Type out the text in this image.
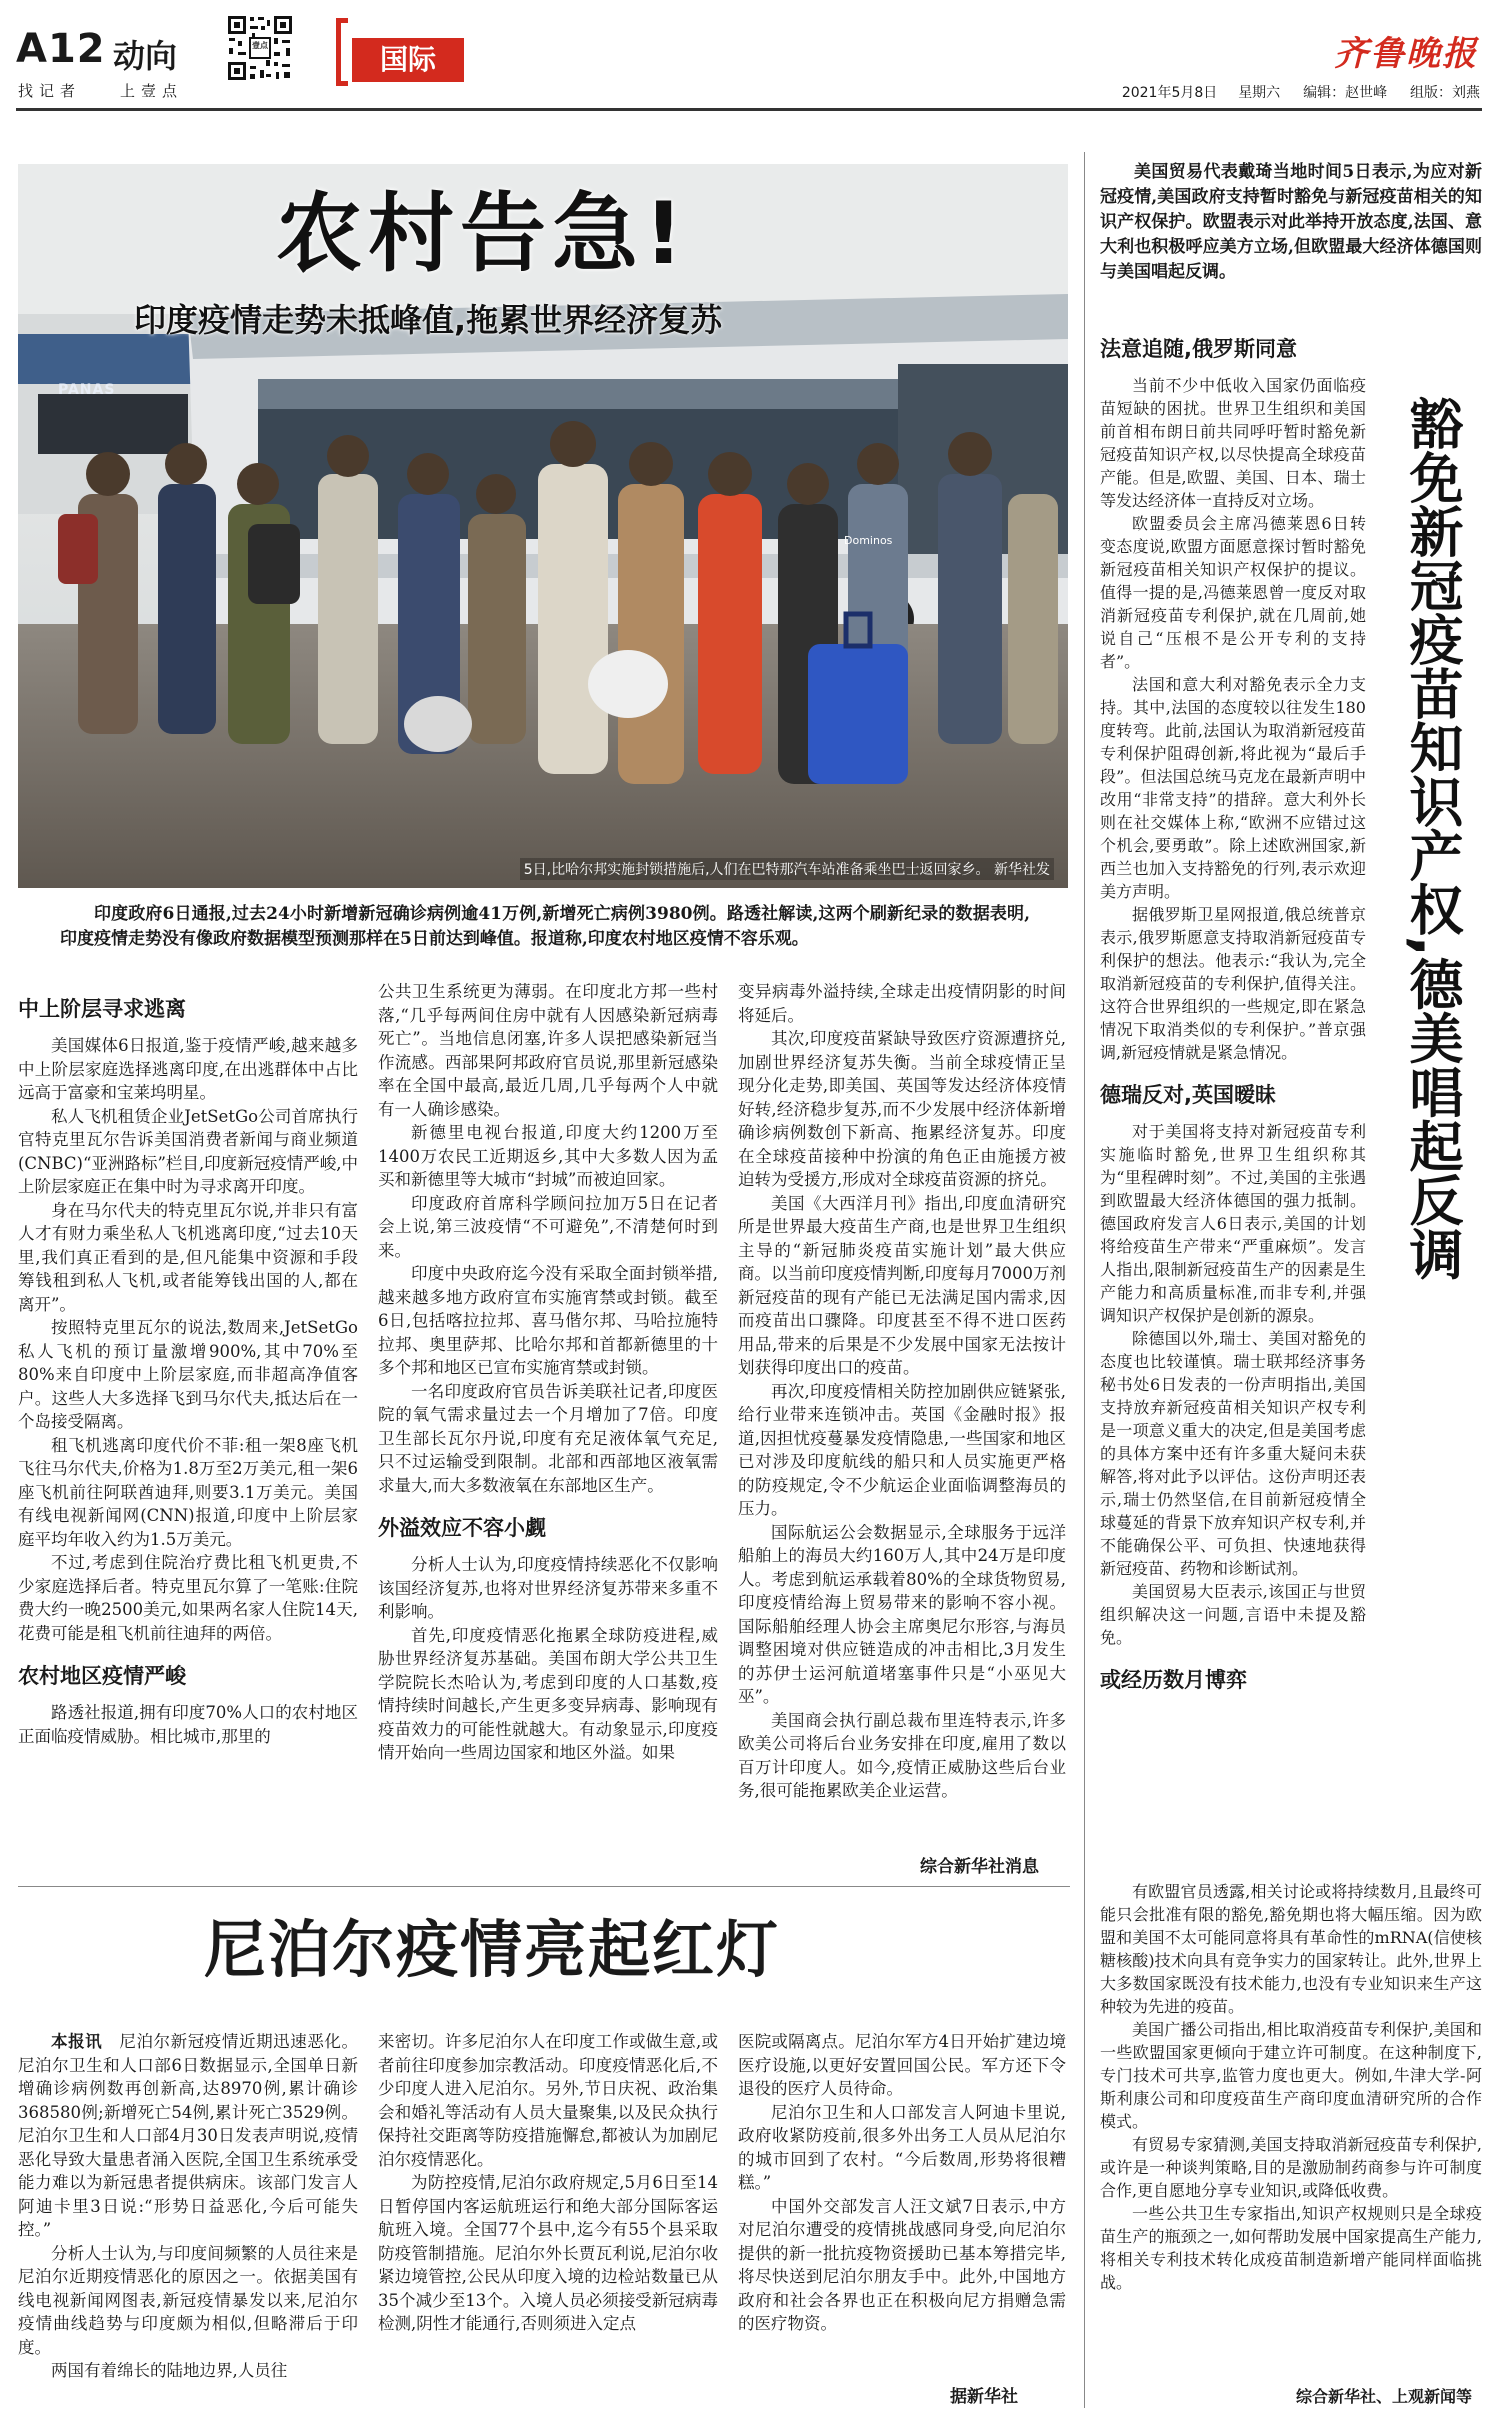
A12 动向
找记者	上壹点
壹点	国际	齐鲁晚报
2021年5月8日 星期六 编辑：赵世峰 组版：刘燕
PANAS
Dominos
农村告急!
印度疫情走势未抵峰值,拖累世界经济复苏
5日,比哈尔邦实施封锁措施后,人们在巴特那汽车站准备乘坐巴士返回家乡。 新华社发
印度政府6日通报,过去24小时新增新冠确诊病例逾41万例,新增死亡病例3980例。路透社解读,这两个刷新纪录的数据表明,印度疫情走势没有像政府数据模型预测那样在5日前达到峰值。报道称,印度农村地区疫情不容乐观。
中上阶层寻求逃离

美国媒体6日报道,鉴于疫情严峻,越来越多中上阶层家庭选择逃离印度,在出逃群体中占比远高于富豪和宝莱坞明星。

私人飞机租赁企业JetSetGo公司首席执行官特克里瓦尔告诉美国消费者新闻与商业频道(CNBC)“亚洲路标”栏目,印度新冠疫情严峻,中上阶层家庭正在集中时为寻求离开印度。

身在马尔代夫的特克里瓦尔说,并非只有富人才有财力乘坐私人飞机逃离印度,“过去10天里,我们真正看到的是,但凡能集中资源和手段筹钱租到私人飞机,或者能筹钱出国的人,都在离开”。

按照特克里瓦尔的说法,数周来,JetSetGo私人飞机的预订量激增900%,其中70%至80%来自印度中上阶层家庭,而非超高净值客户。这些人大多选择飞到马尔代夫,抵达后在一个岛接受隔离。

租飞机逃离印度代价不菲:租一架8座飞机飞往马尔代夫,价格为1.8万至2万美元,租一架6座飞机前往阿联酋迪拜,则要3.1万美元。美国有线电视新闻网(CNN)报道,印度中上阶层家庭平均年收入约为1.5万美元。

不过,考虑到住院治疗费比租飞机更贵,不少家庭选择后者。特克里瓦尔算了一笔账:住院费大约一晚2500美元,如果两名家人住院14天,花费可能是租飞机前往迪拜的两倍。

农村地区疫情严峻

路透社报道,拥有印度70%人口的农村地区正面临疫情威胁。相比城市,那里的

公共卫生系统更为薄弱。在印度北方邦一些村落,“几乎每两间住房中就有人因感染新冠病毒死亡”。当地信息闭塞,许多人误把感染新冠当作流感。西部果阿邦政府官员说,那里新冠感染率在全国中最高,最近几周,几乎每两个人中就有一人确诊感染。

新德里电视台报道,印度大约1200万至1400万农民工近期返乡,其中大多数人因为孟买和新德里等大城市“封城”而被迫回家。

印度政府首席科学顾问拉加万5日在记者会上说,第三波疫情“不可避免”,不清楚何时到来。

印度中央政府迄今没有采取全面封锁举措,越来越多地方政府宣布实施宵禁或封锁。截至6日,包括喀拉拉邦、喜马偕尔邦、马哈拉施特拉邦、奥里萨邦、比哈尔邦和首都新德里的十多个邦和地区已宣布实施宵禁或封锁。

一名印度政府官员告诉美联社记者,印度医院的氧气需求量过去一个月增加了7倍。印度卫生部长瓦尔丹说,印度有充足液体氧气充足,只不过运输受到限制。北部和西部地区液氧需求量大,而大多数液氧在东部地区生产。

外溢效应不容小觑

分析人士认为,印度疫情持续恶化不仅影响该国经济复苏,也将对世界经济复苏带来多重不利影响。

首先,印度疫情恶化拖累全球防疫进程,威胁世界经济复苏基础。美国布朗大学公共卫生学院院长杰哈认为,考虑到印度的人口基数,疫情持续时间越长,产生更多变异病毒、影响现有疫苗效力的可能性就越大。有动象显示,印度疫情开始向一些周边国家和地区外溢。如果

变异病毒外溢持续,全球走出疫情阴影的时间将延后。

其次,印度疫苗紧缺导致医疗资源遭挤兑,加剧世界经济复苏失衡。当前全球疫情正呈现分化走势,即美国、英国等发达经济体疫情好转,经济稳步复苏,而不少发展中经济体新增确诊病例数创下新高、拖累经济复苏。印度在全球疫苗接种中扮演的角色正由施援方被迫转为受援方,形成对全球疫苗资源的挤兑。

美国《大西洋月刊》指出,印度血清研究所是世界最大疫苗生产商,也是世界卫生组织主导的“新冠肺炎疫苗实施计划”最大供应商。以当前印度疫情判断,印度每月7000万剂新冠疫苗的现有产能已无法满足国内需求,因而疫苗出口骤降。印度甚至不得不进口医药用品,带来的后果是不少发展中国家无法按计划获得印度出口的疫苗。

再次,印度疫情相关防控加剧供应链紧张,给行业带来连锁冲击。英国《金融时报》报道,因担忧疫蔓暴发疫情隐患,一些国家和地区已对涉及印度航线的船只和人员实施更严格的防疫规定,令不少航运企业面临调整海员的压力。

国际航运公会数据显示,全球服务于远洋船舶上的海员大约160万人,其中24万是印度人。考虑到航运承载着80%的全球货物贸易,印度疫情给海上贸易带来的影响不容小视。国际船舶经理人协会主席奥尼尔形容,与海员调整困境对供应链造成的冲击相比,3月发生的苏伊士运河航道堵塞事件只是“小巫见大巫”。

美国商会执行副总裁布里连特表示,许多欧美公司将后台业务安排在印度,雇用了数以百万计印度人。如今,疫情正威胁这些后台业务,很可能拖累欧美企业运营。

综合新华社消息
美国贸易代表戴琦当地时间5日表示,为应对新冠疫情,美国政府支持暂时豁免与新冠疫苗相关的知识产权保护。欧盟表示对此举持开放态度,法国、意大利也积极呼应美方立场,但欧盟最大经济体德国则与美国唱起反调。
法意追随,俄罗斯同意

当前不少中低收入国家仍面临疫苗短缺的困扰。世界卫生组织和美国前首相布朗日前共同呼吁暂时豁免新冠疫苗知识产权,以尽快提高全球疫苗产能。但是,欧盟、美国、日本、瑞士等发达经济体一直持反对立场。

欧盟委员会主席冯德莱恩6日转变态度说,欧盟方面愿意探讨暂时豁免新冠疫苗相关知识产权保护的提议。值得一提的是,冯德莱恩曾一度反对取消新冠疫苗专利保护,就在几周前,她说自己“压根不是公开专利的支持者”。

法国和意大利对豁免表示全力支持。其中,法国的态度较以往发生180度转弯。此前,法国认为取消新冠疫苗专利保护阻碍创新,将此视为“最后手段”。但法国总统马克龙在最新声明中改用“非常支持”的措辞。意大利外长则在社交媒体上称,“欧洲不应错过这个机会,要勇敢”。除上述欧洲国家,新西兰也加入支持豁免的行列,表示欢迎美方声明。

据俄罗斯卫星网报道,俄总统普京表示,俄罗斯愿意支持取消新冠疫苗专利保护的想法。他表示:“我认为,完全取消新冠疫苗的专利保护,值得关注。这符合世界组织的一些规定,即在紧急情况下取消类似的专利保护。”普京强调,新冠疫情就是紧急情况。

德瑞反对,英国暧昧

对于美国将支持对新冠疫苗专利实施临时豁免,世界卫生组织称其为“里程碑时刻”。不过,美国的主张遇到欧盟最大经济体德国的强力抵制。德国政府发言人6日表示,美国的计划将给疫苗生产带来“严重麻烦”。发言人指出,限制新冠疫苗生产的因素是生产能力和高质量标准,而非专利,并强调知识产权保护是创新的源泉。

除德国以外,瑞士、美国对豁免的态度也比较谨慎。瑞士联邦经济事务秘书处6日发表的一份声明指出,美国支持放弃新冠疫苗相关知识产权专利是一项意义重大的决定,但是美国考虑的具体方案中还有许多重大疑问未获解答,将对此予以评估。这份声明还表示,瑞士仍然坚信,在目前新冠疫情全球蔓延的背景下放弃知识产权专利,并不能确保公平、可负担、快速地获得新冠疫苗、药物和诊断试剂。

美国贸易大臣表示,该国正与世贸组织解决这一问题,言语中未提及豁免。

或经历数月博弈
豁免新冠疫苗知识产权,德美唱起反调

有欧盟官员透露,相关讨论或将持续数月,且最终可能只会批准有限的豁免,豁免期也将大幅压缩。因为欧盟和美国不太可能同意将具有革命性的mRNA(信使核糖核酸)技术向具有竞争实力的国家转让。此外,世界上大多数国家既没有技术能力,也没有专业知识来生产这种较为先进的疫苗。

美国广播公司指出,相比取消疫苗专利保护,美国和一些欧盟国家更倾向于建立许可制度。在这种制度下,专门技术可共享,监管力度也更大。例如,牛津大学-阿斯利康公司和印度疫苗生产商印度血清研究所的合作模式。

有贸易专家猜测,美国支持取消新冠疫苗专利保护,或许是一种谈判策略,目的是激励制药商参与许可制度合作,更自愿地分享专业知识,或降低收费。

一些公共卫生专家指出,知识产权规则只是全球疫苗生产的瓶颈之一,如何帮助发展中国家提高生产能力,将相关专利技术转化成疫苗制造新增产能同样面临挑战。

综合新华社、上观新闻等
尼泊尔疫情亮起红灯

本报讯　尼泊尔新冠疫情近期迅速恶化。尼泊尔卫生和人口部6日数据显示,全国单日新增确诊病例数再创新高,达8970例,累计确诊368580例;新增死亡54例,累计死亡3529例。尼泊尔卫生和人口部4月30日发表声明说,疫情恶化导致大量患者涌入医院,全国卫生系统承受能力难以为新冠患者提供病床。该部门发言人阿迪卡里3日说:“形势日益恶化,今后可能失控。”

分析人士认为,与印度间频繁的人员往来是尼泊尔近期疫情恶化的原因之一。依据美国有线电视新闻网图表,新冠疫情暴发以来,尼泊尔疫情曲线趋势与印度颇为相似,但略滞后于印度。

两国有着绵长的陆地边界,人员往

来密切。许多尼泊尔人在印度工作或做生意,或者前往印度参加宗教活动。印度疫情恶化后,不少印度人进入尼泊尔。另外,节日庆祝、政治集会和婚礼等活动有人员大量聚集,以及民众执行保持社交距离等防疫措施懈怠,都被认为加剧尼泊尔疫情恶化。

为防控疫情,尼泊尔政府规定,5月6日至14日暂停国内客运航班运行和绝大部分国际客运航班入境。全国77个县中,迄今有55个县采取防疫管制措施。尼泊尔外长贾瓦利说,尼泊尔收紧边境管控,公民从印度入境的边检站数量已从35个减少至13个。入境人员必须接受新冠病毒检测,阴性才能通行,否则须进入定点

医院或隔离点。尼泊尔军方4日开始扩建边境医疗设施,以更好安置回国公民。军方还下令退役的医疗人员待命。

尼泊尔卫生和人口部发言人阿迪卡里说,政府收紧防疫前,很多外出务工人员从尼泊尔的城市回到了农村。“今后数周,形势将很糟糕。”

中国外交部发言人汪文斌7日表示,中方对尼泊尔遭受的疫情挑战感同身受,向尼泊尔提供的新一批抗疫物资援助已基本筹措完毕,将尽快送到尼泊尔朋友手中。此外,中国地方政府和社会各界也正在积极向尼方捐赠急需的医疗物资。

据新华社
